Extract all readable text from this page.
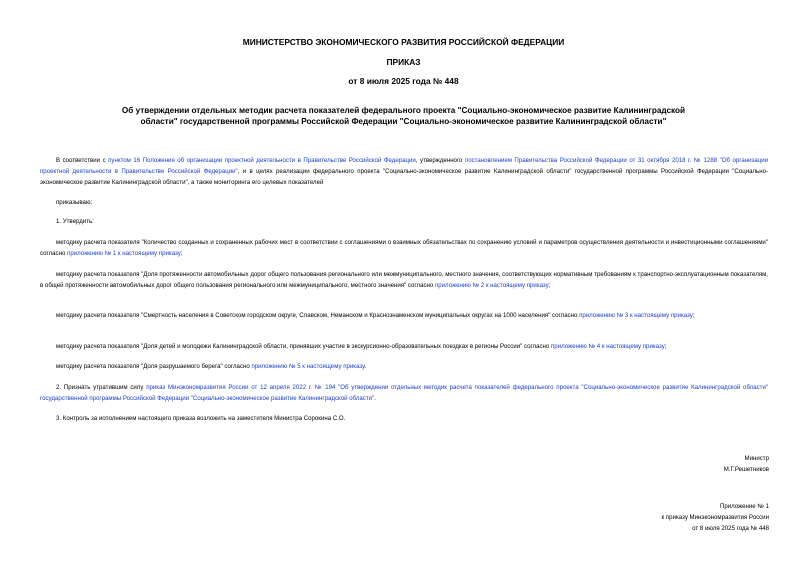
МИНИСТЕРСТВО ЭКОНОМИЧЕСКОГО РАЗВИТИЯ РОССИЙСКОЙ ФЕДЕРАЦИИ
ПРИКАЗ
от 8 июля 2025 года № 448
Об утверждении отдельных методик расчета показателей федерального проекта "Социально-экономическое развитие Калининградской области" государственной программы Российской Федерации "Социально-экономическое развитие Калининградской области"

В соответствии с пунктом 16 Положения об организации проектной деятельности в Правительстве Российской Федерации, утвержденного постановлением Правительства Российской Федерации от 31 октября 2018 г. № 1288 "Об организации проектной деятельности в Правительстве Российской Федерации", и в целях реализации федерального проекта "Социально-экономическое развитие Калининградской области" государственной программы Российской Федерации "Социально-экономическое развитие Калининградской области", а также мониторинга его целевых показателей

приказываю:

1. Утвердить:

методику расчета показателя "Количество созданных и сохраненных рабочих мест в соответствии с соглашениями о взаимных обязательствах по сохранению условий и параметров осуществления деятельности и инвестиционными соглашениями" согласно приложению № 1 к настоящему приказу;

методику расчета показателя "Доля протяженности автомобильных дорог общего пользования регионального или межмуниципального, местного значения, соответствующих нормативным требованиям к транспортно-эксплуатационным показателям, в общей протяженности автомобильных дорог общего пользования регионального или межмуниципального, местного значения" согласно приложению № 2 к настоящему приказу;

методику расчета показателя "Смертность населения в Советском городском округе, Славском, Неманском и Краснознаменском муниципальных округах на 1000 населения" согласно приложению № 3 к настоящему приказу;

методику расчета показателя "Доля детей и молодежи Калининградской области, принявших участие в экскурсионно-образовательных поездках в регионы России" согласно приложению № 4 к настоящему приказу;

методику расчета показателя "Доля разрушаемого берега" согласно приложению № 5 к настоящему приказу.

2. Признать утратившим силу приказ Минэкономразвития России от 12 апреля 2022 г. № 194 "Об утверждении отдельных методик расчета показателей федерального проекта "Социально-экономическое развитие Калининградской области" государственной программы Российской Федерации "Социально-экономическое развитие Калининградской области".

3. Контроль за исполнением настоящего приказа возложить на заместителя Министра Сорокина С.О.

Министр
М.Г.Решетников
Приложение № 1
к приказу Минэкономразвития России
от 8 июля 2025 года № 448
